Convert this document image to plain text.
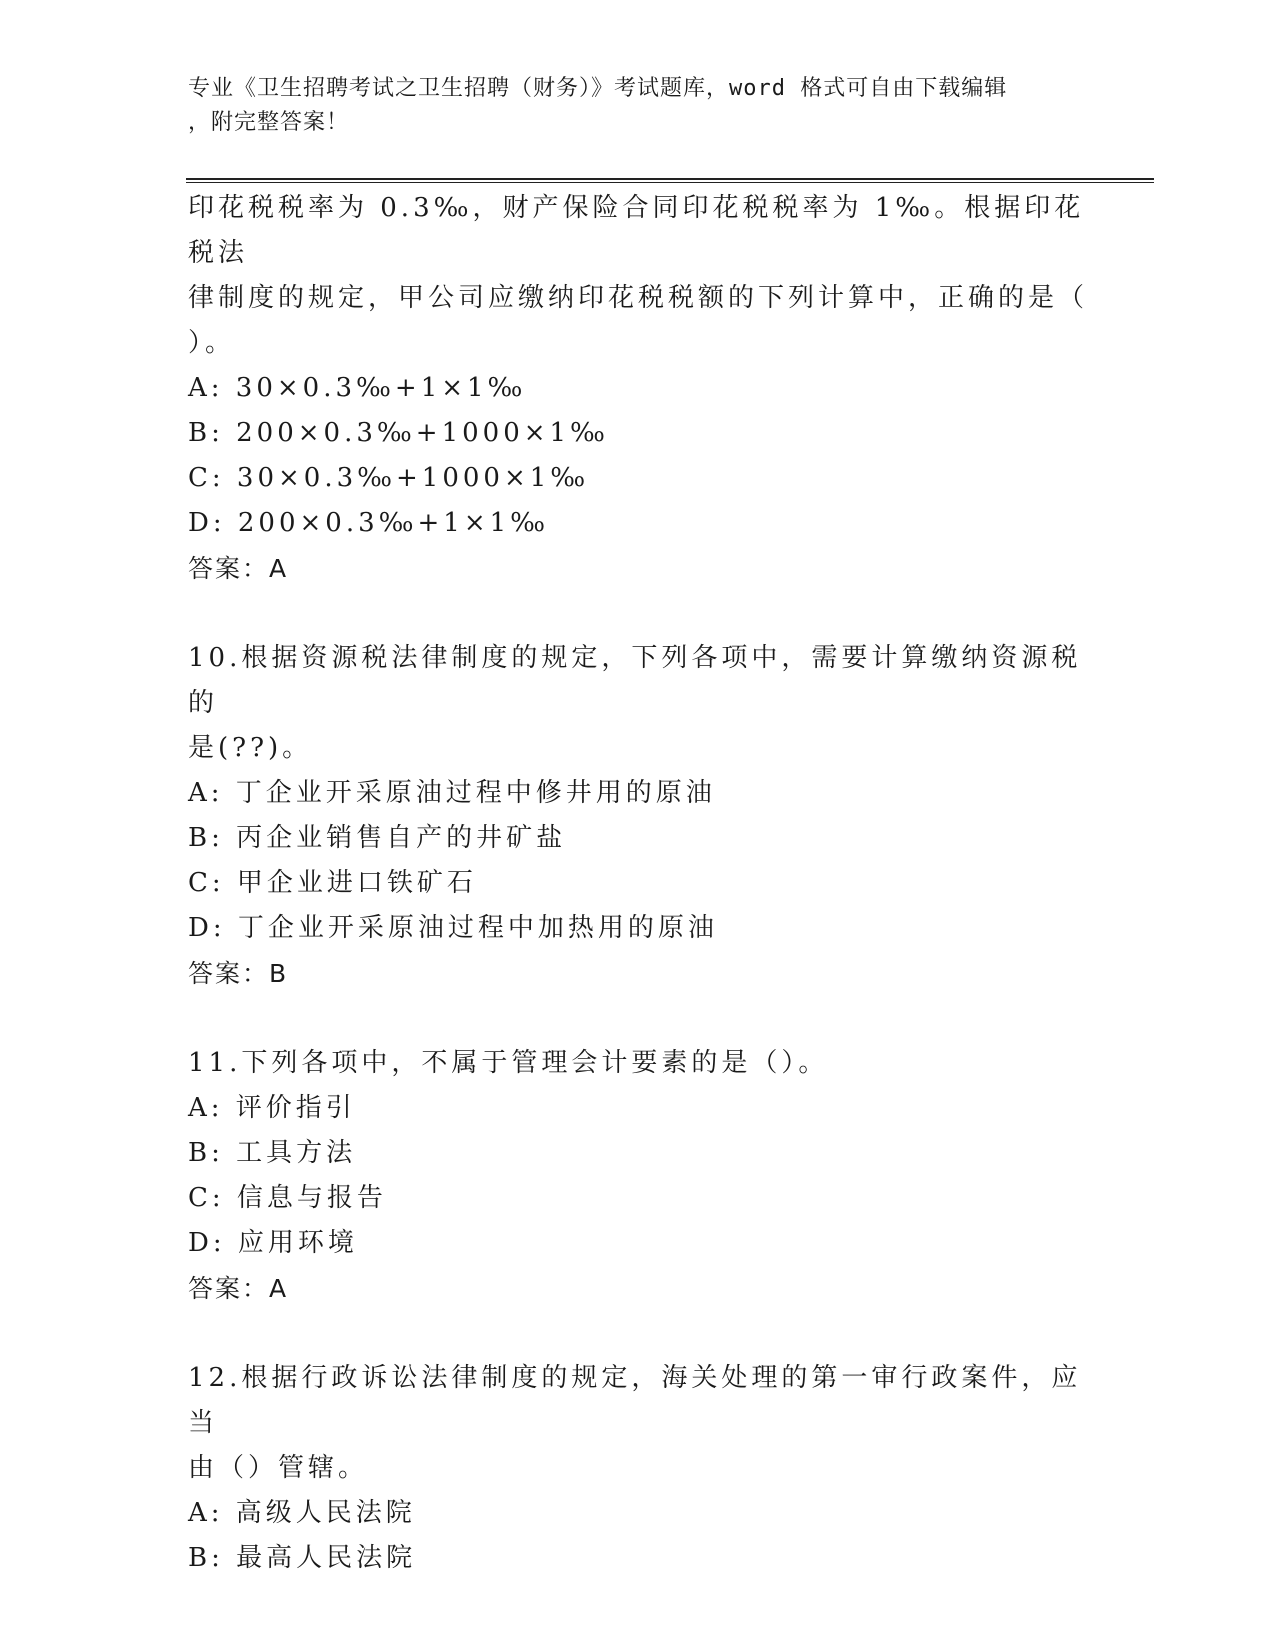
专业《卫生招聘考试之卫生招聘（财务）》考试题库，word 格式可自由下载编辑
，附完整答案！

印花税税率为 0.3‰，财产保险合同印花税税率为 1‰。根据印花税法

律制度的规定，甲公司应缴纳印花税税额的下列计算中，正确的是（

）。

A: 30×0.3‰+1×1‰

B: 200×0.3‰+1000×1‰

C: 30×0.3‰+1000×1‰

D: 200×0.3‰+1×1‰

答案：A

10.根据资源税法律制度的规定，下列各项中，需要计算缴纳资源税的

是(??)。

A: 丁企业开采原油过程中修井用的原油

B: 丙企业销售自产的井矿盐

C: 甲企业进口铁矿石

D: 丁企业开采原油过程中加热用的原油

答案：B

11.下列各项中，不属于管理会计要素的是（）。

A: 评价指引

B: 工具方法

C: 信息与报告

D: 应用环境

答案：A

12.根据行政诉讼法律制度的规定，海关处理的第一审行政案件，应当

由（）管辖。

A: 高级人民法院

B: 最高人民法院
